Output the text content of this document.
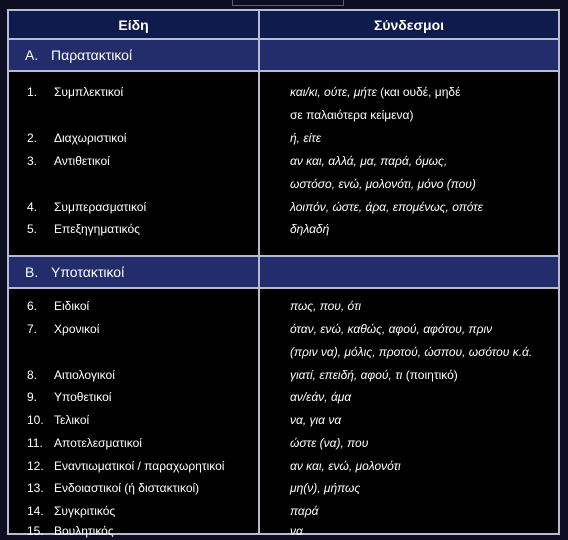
Είδη	Σύνδεσμοι
Α. Παρατακτικοί
1.	Συμπλεκτικοί	και/κι, ούτε, μήτε (και ουδέ, μηδέ
σε παλαιότερα κείμενα)
2.	Διαχωριστικοί	ή, είτε
3.	Αντιθετικοί	αν και, αλλά, μα, παρά, όμως,
ωστόσο, ενώ, μολονότι, μόνο (που)
4.	Συμπερασματικοί	λοιπόν, ώστε, άρα, επομένως, οπότε
5.	Επεξηγηματικός	δηλαδή
Β. Υποτακτικοί
6.	Ειδικοί	πως, που, ότι
7.	Χρονικοί	όταν, ενώ, καθώς, αφού, αφότου, πριν
(πριν να), μόλις, προτού, ώσπου, ωσότου κ.ά.
8.	Αιτιολογικοί	γιατί, επειδή, αφού, τι (ποιητικό)
9.	Υποθετικοί	αν/εάν, άμα
10. Τελικοί	να, για να
11. Αποτελεσματικοί	ώστε (να), που
12. Εναντιωματικοί / παραχωρητικοί	αν και, ενώ, μολονότι
13. Ενδοιαστικοί (ή διστακτικοί)	μη(ν), μήπως
14. Συγκριτικός	παρά
15. Βουλητικός	να
